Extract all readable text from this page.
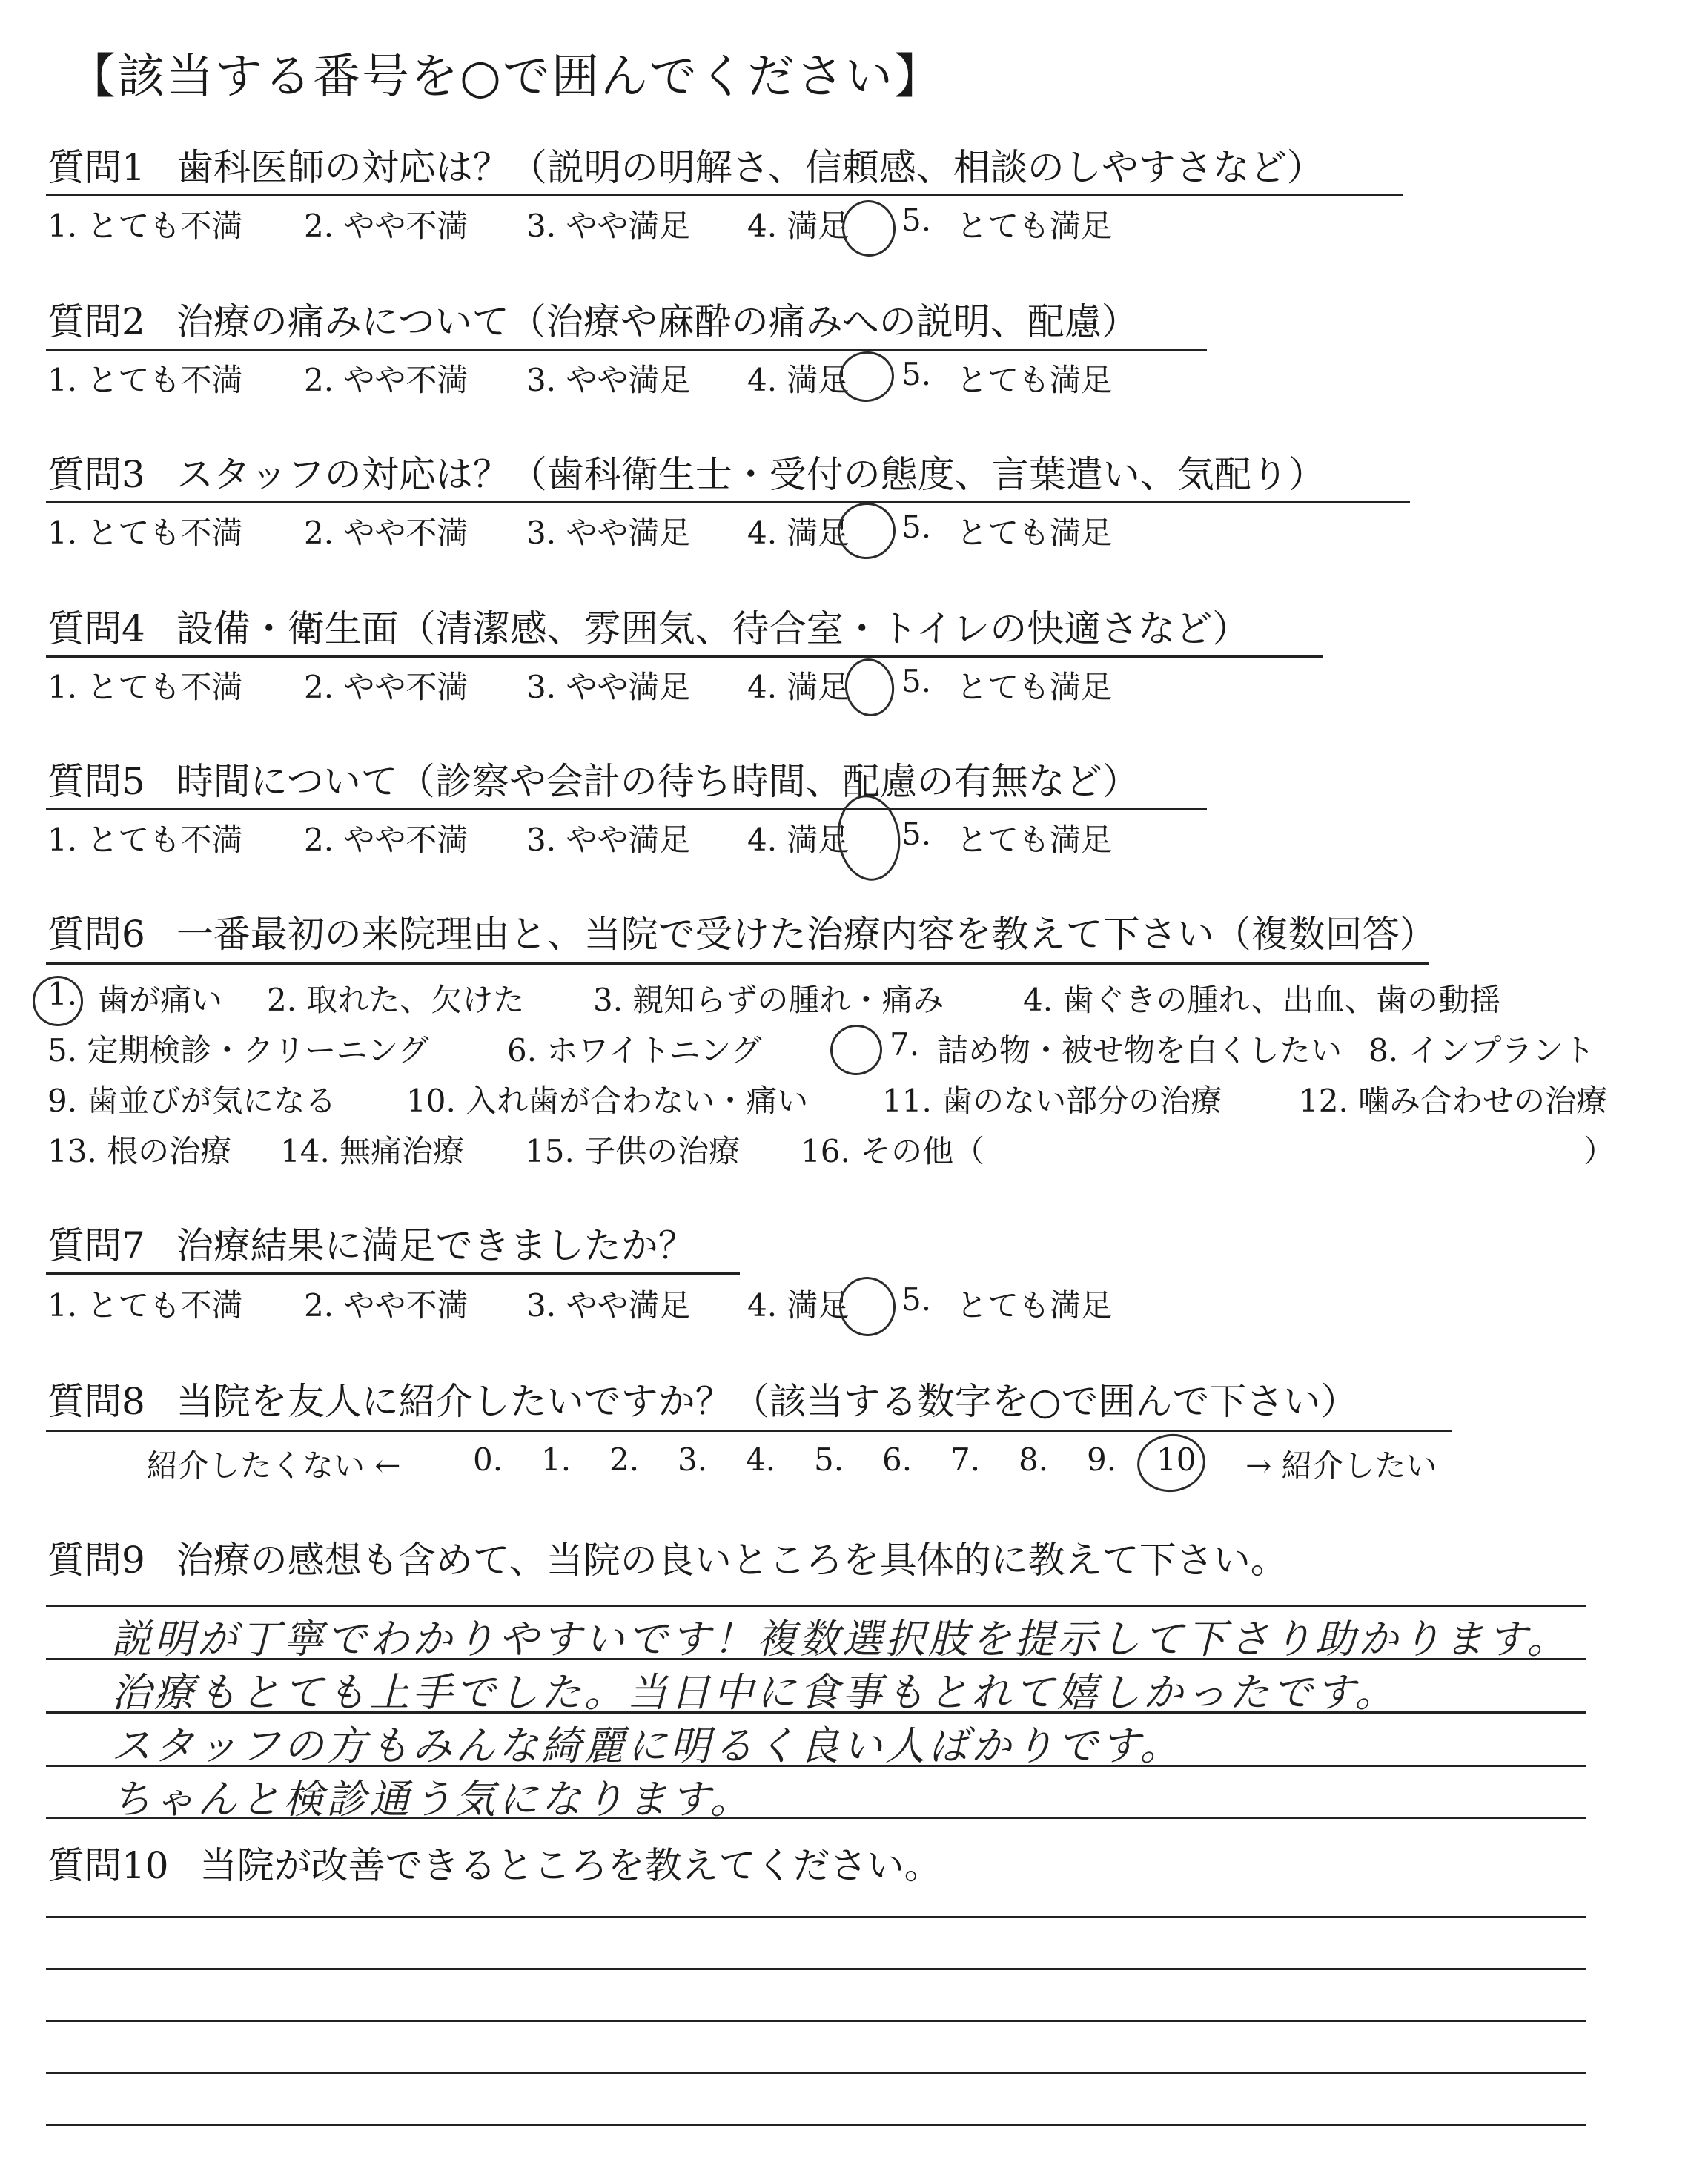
【該当する番号を○で囲んでください】
質問1 歯科医師の対応は？（説明の明解さ、信頼感、相談のしやすさなど）
1. とても不満 2. やや不満 3. やや満足 4. 満足 5. とても満足
質問2 治療の痛みについて（治療や麻酔の痛みへの説明、配慮）
1. とても不満 2. やや不満 3. やや満足 4. 満足 5. とても満足
質問3 スタッフの対応は？（歯科衛生士・受付の態度、言葉遣い、気配り）
1. とても不満 2. やや不満 3. やや満足 4. 満足 5. とても満足
質問4 設備・衛生面（清潔感、雰囲気、待合室・トイレの快適さなど）
1. とても不満 2. やや不満 3. やや満足 4. 満足 5. とても満足
質問5 時間について（診察や会計の待ち時間、配慮の有無など）
1. とても不満 2. やや不満 3. やや満足 4. 満足 5. とても満足
質問6 一番最初の来院理由と、当院で受けた治療内容を教えて下さい（複数回答）
1. 歯が痛い 2. 取れた、欠けた 3. 親知らずの腫れ・痛み	4. 歯ぐきの腫れ、出血、歯の動揺
5. 定期検診・クリーニング	6. ホワイトニング	7. 詰め物・被せ物を白くしたい 8. インプラント
9. 歯並びが気になる 10. 入れ歯が合わない・痛い 11. 歯のない部分の治療 12. 噛み合わせの治療
13. 根の治療 14. 無痛治療 15. 子供の治療 16. その他（	）
質問7 治療結果に満足できましたか？
1. とても不満 2. やや不満 3. やや満足 4. 満足 5. とても満足
質問8 当院を友人に紹介したいですか？（該当する数字を○で囲んで下さい）
紹介したくない ← 0. 1. 2. 3. 4. 5. 6. 7. 8. 9. 10 → 紹介したい
質問9 治療の感想も含めて、当院の良いところを具体的に教えて下さい。
説明が丁寧でわかりやすいです！複数選択肢を提示して下さり助かります。
治療もとても上手でした。当日中に食事もとれて嬉しかったです。
スタッフの方もみんな綺麗に明るく良い人ばかりです。
ちゃんと検診通う気になります。
質問10 当院が改善できるところを教えてください。
